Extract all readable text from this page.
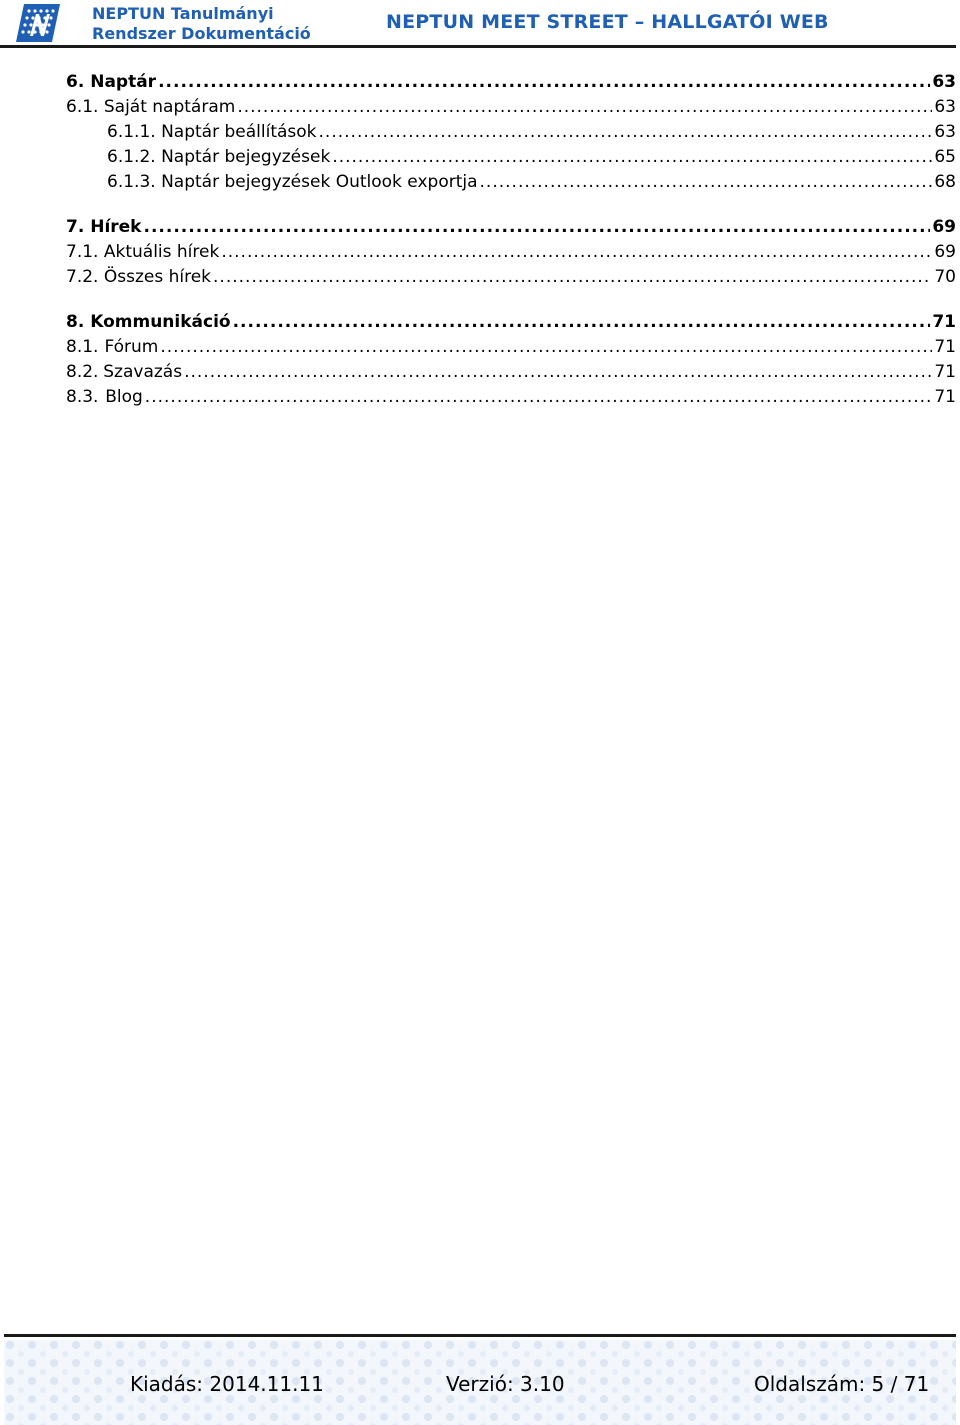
NEPTUN Tanulmányi
Rendszer Dokumentáció
NEPTUN MEET STREET – HALLGATÓI WEB
6.
Naptár .....	63
6.1.
Saját naptáram .....	63
6.1.1.
Naptár beállítások .....	63
6.1.2.
Naptár bejegyzések .....	65
6.1.3.
Naptár bejegyzések Outlook exportja .....	68
7.
Hírek .....	69
7.1.
Aktuális hírek .....	69
7.2.
Összes hírek .....	70
8.
Kommunikáció .....	71
8.1. Fórum .....	71
8.2. Szavazás .....	71
8.3. Blog .....	71
Kiadás: 2014.11.11	Verzió: 3.10	Oldalszám: 5 / 71
